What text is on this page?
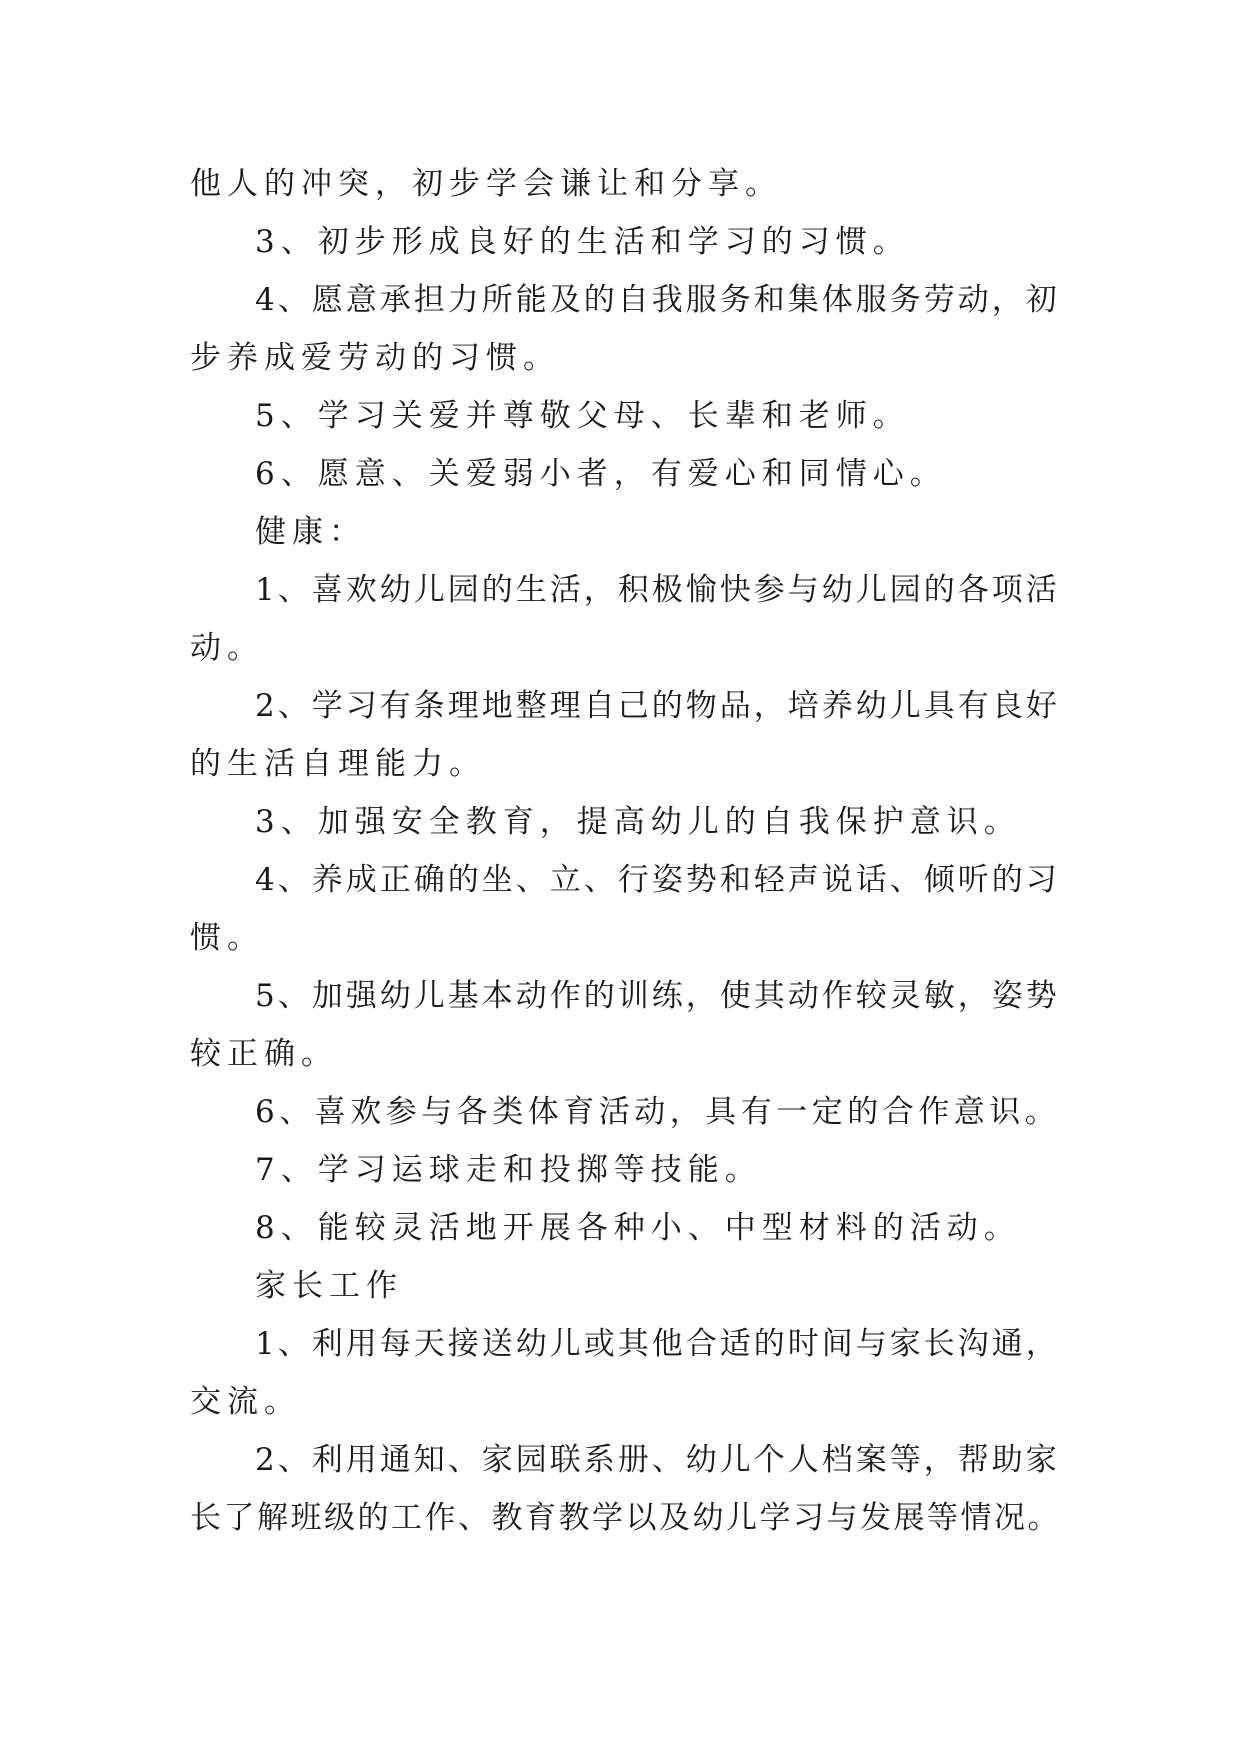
他人的冲突，初步学会谦让和分享。

3、初步形成良好的生活和学习的习惯。

4、愿意承担力所能及的自我服务和集体服务劳动，初

步养成爱劳动的习惯。

5、学习关爱并尊敬父母、长辈和老师。

6、愿意、关爱弱小者，有爱心和同情心。

健康：

1、喜欢幼儿园的生活，积极愉快参与幼儿园的各项活

动。

2、学习有条理地整理自己的物品，培养幼儿具有良好

的生活自理能力。

3、加强安全教育，提高幼儿的自我保护意识。

4、养成正确的坐、立、行姿势和轻声说话、倾听的习

惯。

5、加强幼儿基本动作的训练，使其动作较灵敏，姿势

较正确。

6、喜欢参与各类体育活动，具有一定的合作意识。

7、学习运球走和投掷等技能。

8、能较灵活地开展各种小、中型材料的活动。

家长工作

1、利用每天接送幼儿或其他合适的时间与家长沟通，

交流。

2、利用通知、家园联系册、幼儿个人档案等，帮助家

长了解班级的工作、教育教学以及幼儿学习与发展等情况。
